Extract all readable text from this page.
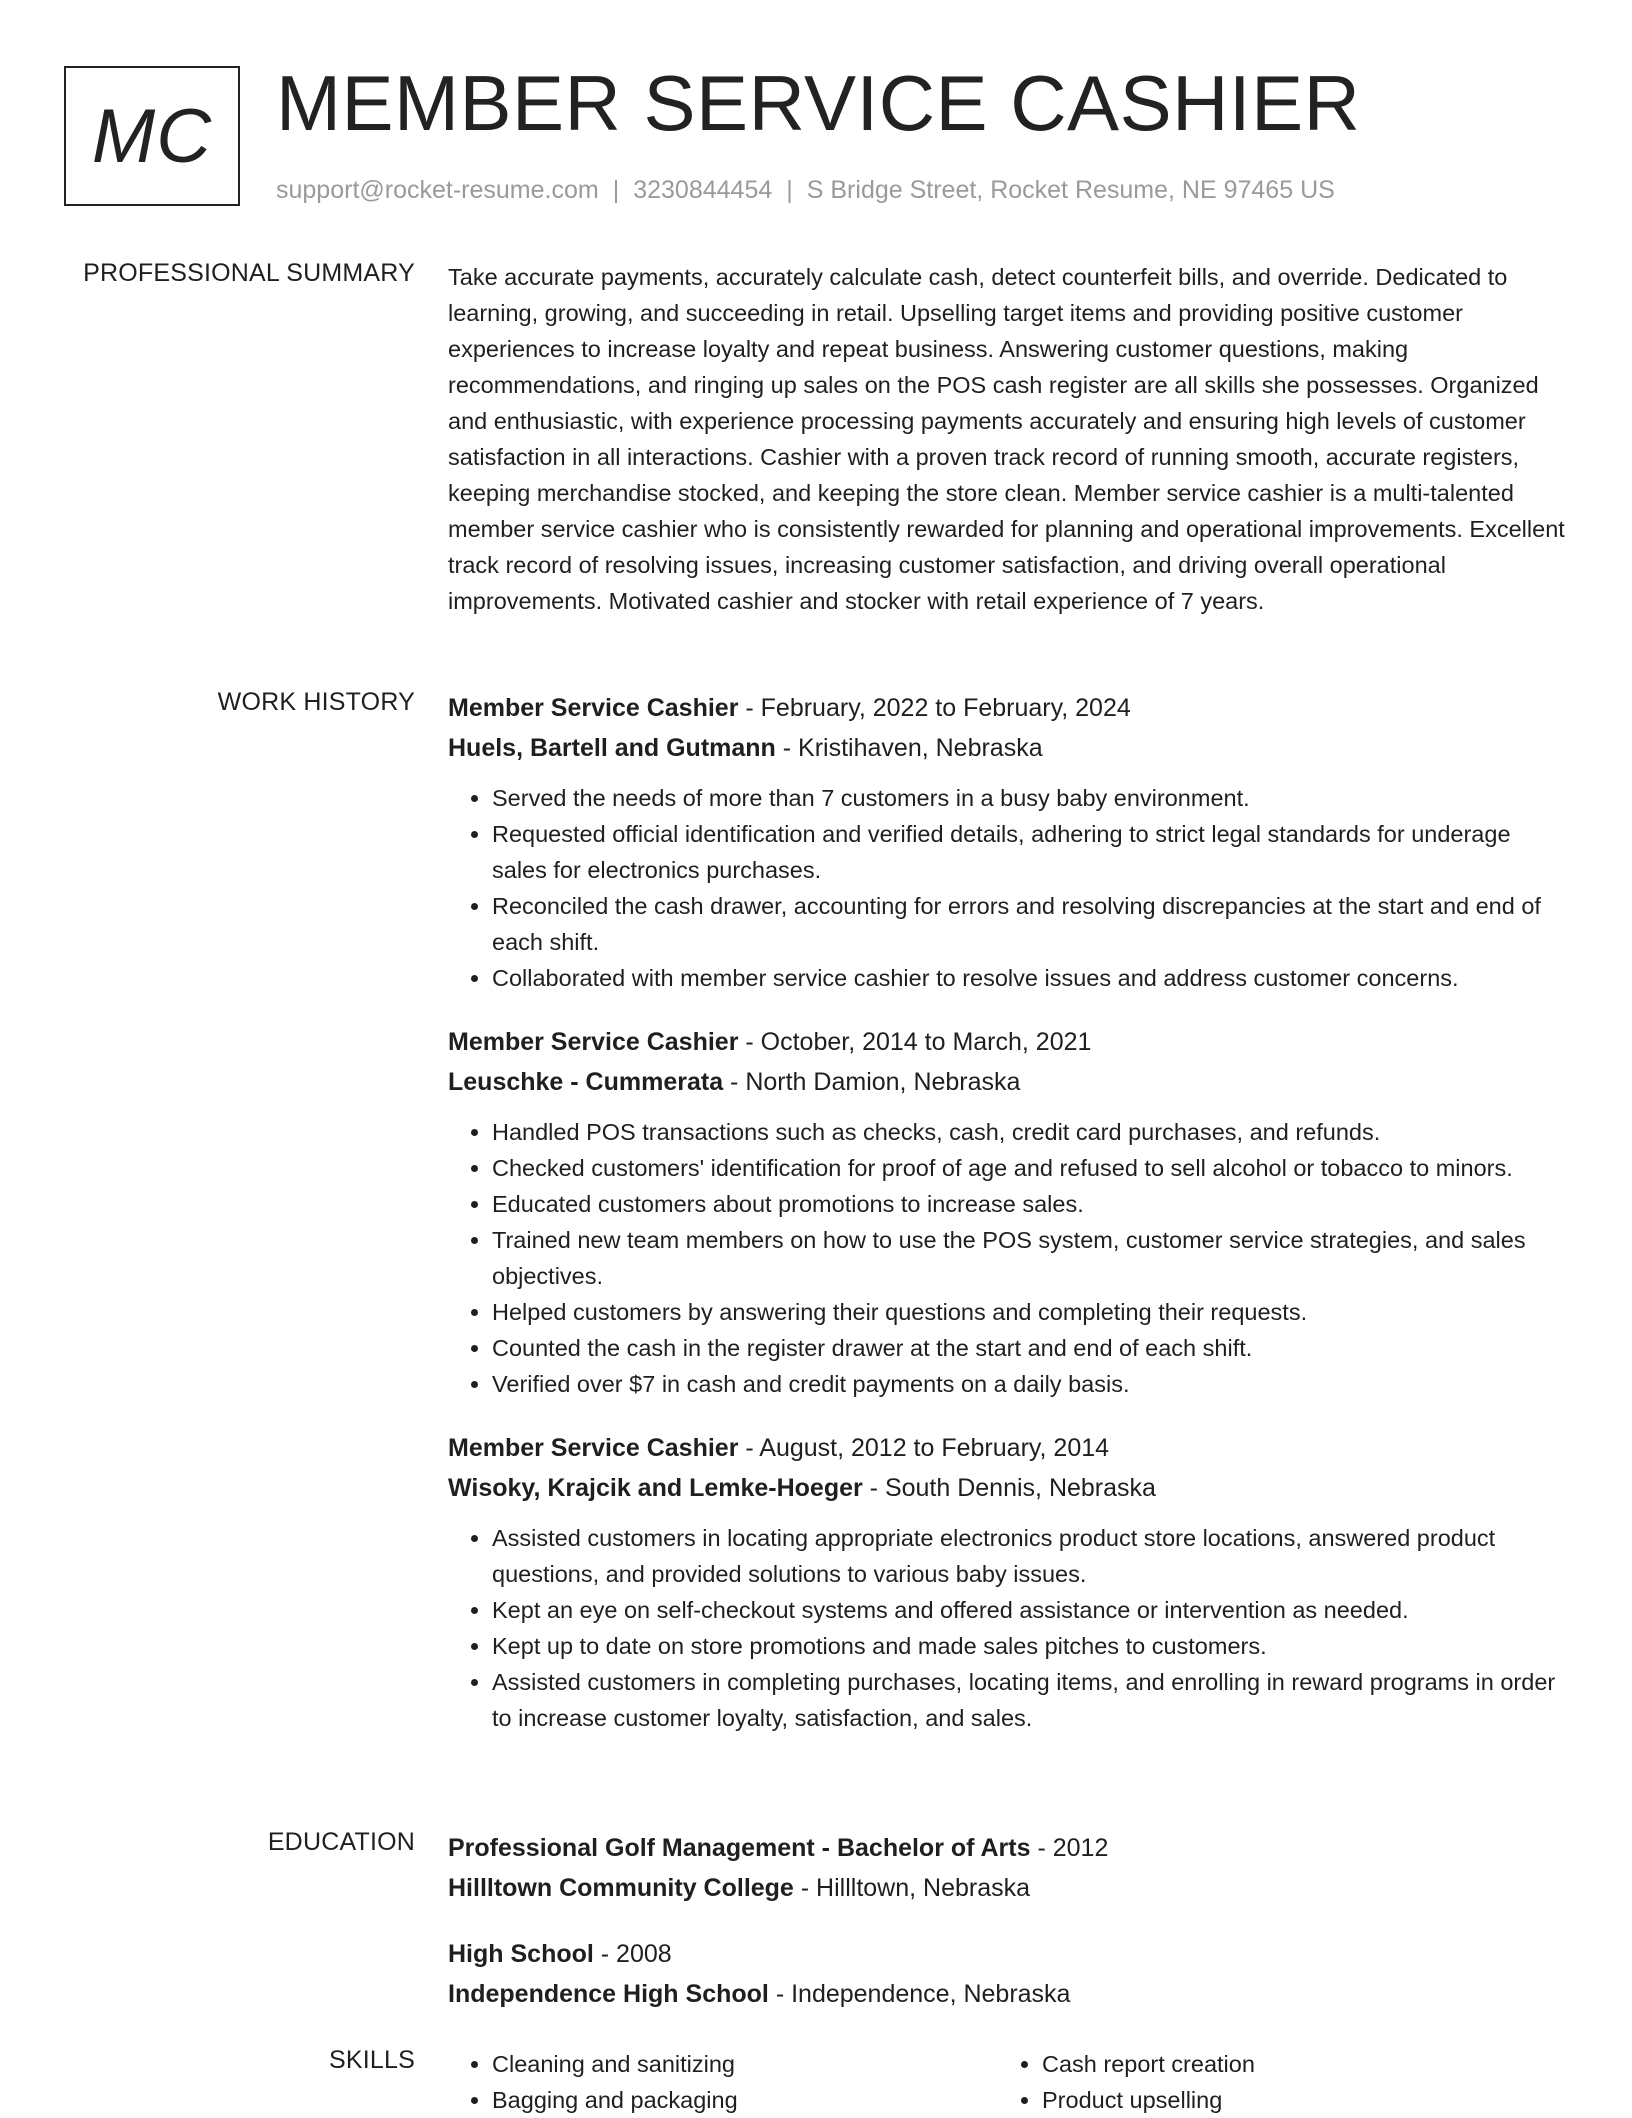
MC MEMBER SERVICE CASHIER
support@rocket-resume.com | 3230844454 | S Bridge Street, Rocket Resume, NE 97465 US
PROFESSIONAL SUMMARY Take accurate payments, accurately calculate cash, detect counterfeit bills, and override. Dedicated to learning, growing, and succeeding in retail. Upselling target items and providing positive customer experiences to increase loyalty and repeat business. Answering customer questions, making recommendations, and ringing up sales on the POS cash register are all skills she possesses. Organized and enthusiastic, with experience processing payments accurately and ensuring high levels of customer satisfaction in all interactions. Cashier with a proven track record of running smooth, accurate registers, keeping merchandise stocked, and keeping the store clean. Member service cashier is a multi-talented member service cashier who is consistently rewarded for planning and operational improvements. Excellent track record of resolving issues, increasing customer satisfaction, and driving overall operational improvements. Motivated cashier and stocker with retail experience of 7 years.

WORK HISTORY Member Service Cashier - February, 2022 to February, 2024
Huels, Bartell and Gutmann - Kristihaven, Nebraska
• Served the needs of more than 7 customers in a busy baby environment.
• Requested official identification and verified details, adhering to strict legal standards for underage sales for electronics purchases.
• Reconciled the cash drawer, accounting for errors and resolving discrepancies at the start and end of each shift.
• Collaborated with member service cashier to resolve issues and address customer concerns.
Member Service Cashier - October, 2014 to March, 2021
Leuschke - Cummerata - North Damion, Nebraska
• Handled POS transactions such as checks, cash, credit card purchases, and refunds.
• Checked customers' identification for proof of age and refused to sell alcohol or tobacco to minors.
• Educated customers about promotions to increase sales.
• Trained new team members on how to use the POS system, customer service strategies, and sales objectives.
• Helped customers by answering their questions and completing their requests.
• Counted the cash in the register drawer at the start and end of each shift.
• Verified over $7 in cash and credit payments on a daily basis.
Member Service Cashier - August, 2012 to February, 2014
Wisoky, Krajcik and Lemke-Hoeger - South Dennis, Nebraska
• Assisted customers in locating appropriate electronics product store locations, answered product questions, and provided solutions to various baby issues.
• Kept an eye on self-checkout systems and offered assistance or intervention as needed.
• Kept up to date on store promotions and made sales pitches to customers.
• Assisted customers in completing purchases, locating items, and enrolling in reward programs in order to increase customer loyalty, satisfaction, and sales.
EDUCATION Professional Golf Management - Bachelor of Arts - 2012
Hillltown Community College - Hillltown, Nebraska
High School - 2008
Independence High School - Independence, Nebraska
SKILLS
•	Cleaning and sanitizing
• Bagging and packaging
• Cash report creation
• Product upselling
